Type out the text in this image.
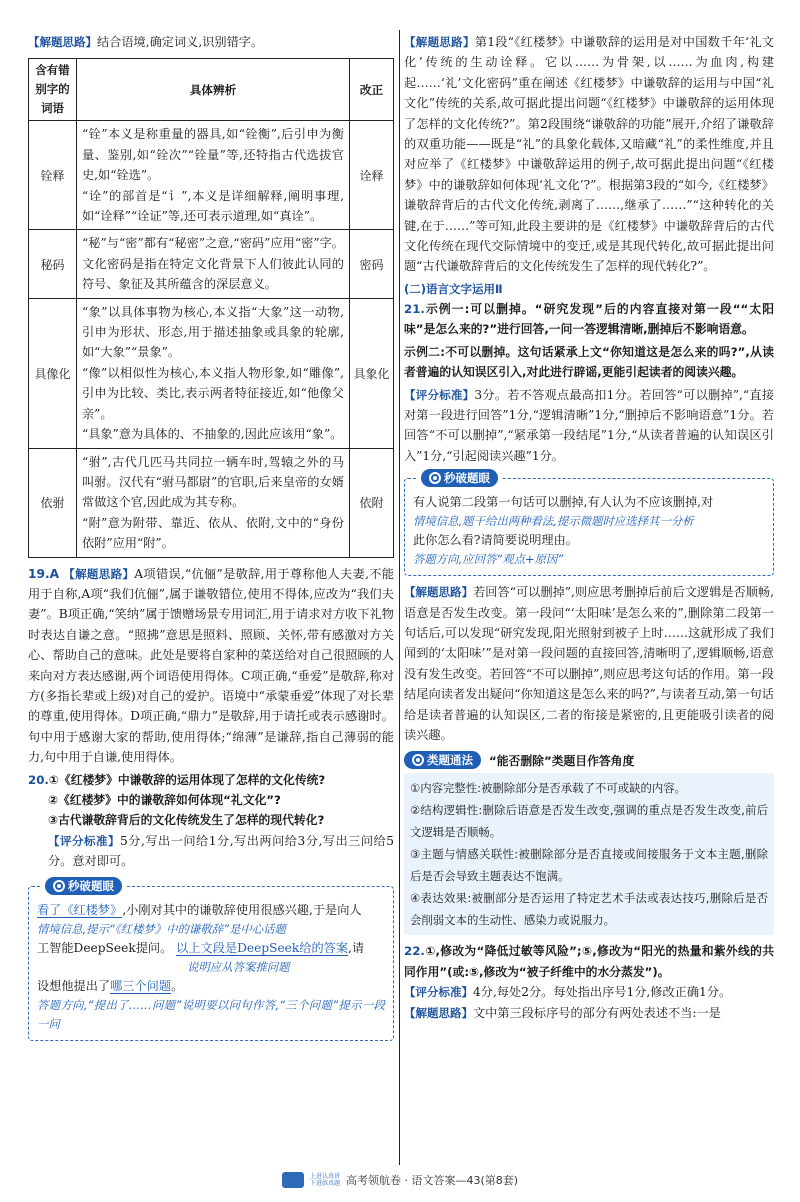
【解题思路】结合语境,确定词义,识别错字。

含有错别字的词语	具体辨析	改正
铨释	“铨”本义是称重量的器具,如“铨衡”,后引申为衡量、鉴别,如“铨次”“铨量”等,还特指古代选拔官史,如“铨选”。
“诠”的部首是“讠”,本义是详细解释,阐明事理,如“诠释”“诠证”等,还可表示道理,如“真诠”。	诠释
秘码	“秘”与“密”都有“秘密”之意,“密码”应用“密”字。文化密码是指在特定文化背景下人们彼此认同的符号、象征及其所蕴含的深层意义。	密码
具像化	“象”以具体事物为核心,本义指“大象”这一动物,引申为形状、形态,用于描述抽象或具象的轮廓,如“大象”“景象”。
“像”以相似性为核心,本义指人物形象,如“雕像”,引申为比较、类比,表示两者特征接近,如“他像父亲”。
“具象”意为具体的、不抽象的,因此应该用“象”。	具象化
依驸	“驸”,古代几匹马共同拉一辆车时,驾辕之外的马叫驸。汉代有“驸马都尉”的官职,后来皇帝的女婿常做这个官,因此成为其专称。
“附”意为附带、靠近、依从、依附,文中的“身份依附”应用“附”。	依附

19.A 【解题思路】A项错误,“伉俪”是敬辞,用于尊称他人夫妻,不能用于自称,A项“我们伉俪”,属于谦敬错位,使用不得体,应改为“我们夫妻”。B项正确,“笑纳”属于馈赠场景专用词汇,用于请求对方收下礼物时表达自谦之意。“照拂”意思是照料、照顾、关怀,带有感激对方关心、帮助自己的意味。此处是要将自家种的菜送给对自己很照顾的人来向对方表达感谢,两个词语使用得体。C项正确,“垂爱”是敬辞,称对方(多指长辈或上级)对自己的爱护。语境中“承蒙垂爱”体现了对长辈的尊重,使用得体。D项正确,“鼎力”是敬辞,用于请托或表示感谢时。句中用于感谢大家的帮助,使用得体;“绵薄”是谦辞,指自己薄弱的能力,句中用于自谦,使用得体。

20.①《红楼梦》中谦敬辞的运用体现了怎样的文化传统?

②《红楼梦》中的谦敬辞如何体现“礼文化”?

③古代谦敬辞背后的文化传统发生了怎样的现代转化?

【评分标准】5分,写出一问给1分,写出两问给3分,写出三问给5分。意对即可。

秒破题眼

看了《红楼梦》,小刚对其中的谦敬辞使用很感兴趣,于是向人

情境信息,提示“《红楼梦》中的谦敬辞”是中心话题

工智能DeepSeek提问。 以上文段是DeepSeek给的答案,请

说明应从答案推问题

设想他提出了哪三个问题。

答题方向,“提出了……问题”说明要以问句作答,“三个问题”提示一段一问

【解题思路】第1段“《红楼梦》中谦敬辞的运用是对中国数千年‘礼文化’传统的生动诠释。它以……为骨架,以……为血肉,构建起……‘礼’文化密码”重在阐述《红楼梦》中谦敬辞的运用与中国“礼文化”传统的关系,故可据此提出问题“《红楼梦》中谦敬辞的运用体现了怎样的文化传统?”。第2段围绕“谦敬辞的功能”展开,介绍了谦敬辞的双重功能——既是“礼”的具象化载体,又暗藏“礼”的柔性维度,并且对应举了《红楼梦》中谦敬辞运用的例子,故可据此提出问题“《红楼梦》中的谦敬辞如何体现‘礼文化’?”。根据第3段的“如今,《红楼梦》谦敬辞背后的古代文化传统,剥离了……,继承了……”“这种转化的关键,在于……”等可知,此段主要讲的是《红楼梦》中谦敬辞背后的古代文化传统在现代交际情境中的变迁,或是其现代转化,故可据此提出问题“古代谦敬辞背后的文化传统发生了怎样的现代转化?”。

(二)语言文字运用Ⅱ

21.示例一:可以删掉。“研究发现”后的内容直接对第一段““太阳味”是怎么来的?”进行回答,一问一答逻辑清晰,删掉后不影响语意。

示例二:不可以删掉。这句话紧承上文“你知道这是怎么来的吗?”,从读者普遍的认知误区引入,对此进行辟谣,更能引起读者的阅读兴趣。

【评分标准】3分。若不答观点最高扣1分。若回答“可以删掉”,“直接对第一段进行回答”1分,“逻辑清晰”1分,“删掉后不影响语意”1分。若回答“不可以删掉”,“紧承第一段结尾”1分,“从读者普遍的认知误区引入”1分,“引起阅读兴趣”1分。

秒破题眼

有人说第二段第一句话可以删掉,有人认为不应该删掉,对

情境信息,题干给出两种看法,提示微题时应选择其一分析

此你怎么看?请简要说明理由。

答题方向,应回答“观点+原因”

【解题思路】若回答“可以删掉”,则应思考删掉后前后文逻辑是否顺畅,语意是否发生改变。第一段问“‘太阳味’是怎么来的”,删除第二段第一句话后,可以发现“研究发现,阳光照射到被子上时……这就形成了我们闻到的‘太阳味’”是对第一段问题的直接回答,清晰明了,逻辑顺畅,语意没有发生改变。若回答“不可以删掉”,则应思考这句话的作用。第一段结尾向读者发出疑问“你知道这是怎么来的吗?”,与读者互动,第一句话给是读者普遍的认知误区,二者的衔接是紧密的,且更能吸引读者的阅读兴趣。

类题通法 “能否删除”类题目作答角度

①内容完整性:被删除部分是否承载了不可或缺的内容。

②结构逻辑性:删除后语意是否发生改变,强调的重点是否发生改变,前后文逻辑是否顺畅。

③主题与情感关联性:被删除部分是否直接或间接服务于文本主题,删除后是否会导致主题表达不饱满。

④表达效果:被删部分是否运用了特定艺术手法或表达技巧,删除后是否会削弱文本的生动性、感染力或说服力。

22.①,修改为“降低过敏等风险”;⑤,修改为“阳光的热量和紫外线的共同作用”(或:⑤,修改为“被子纤维中的水分蒸发”)。

【评分标准】4分,每处2分。每处指出序号1分,修改正确1分。

【解题思路】文中第三段标序号的部分有两处表述不当:一是

上进认真讲
下进练真题 高考领航卷 · 语文答案—43(第8套)
